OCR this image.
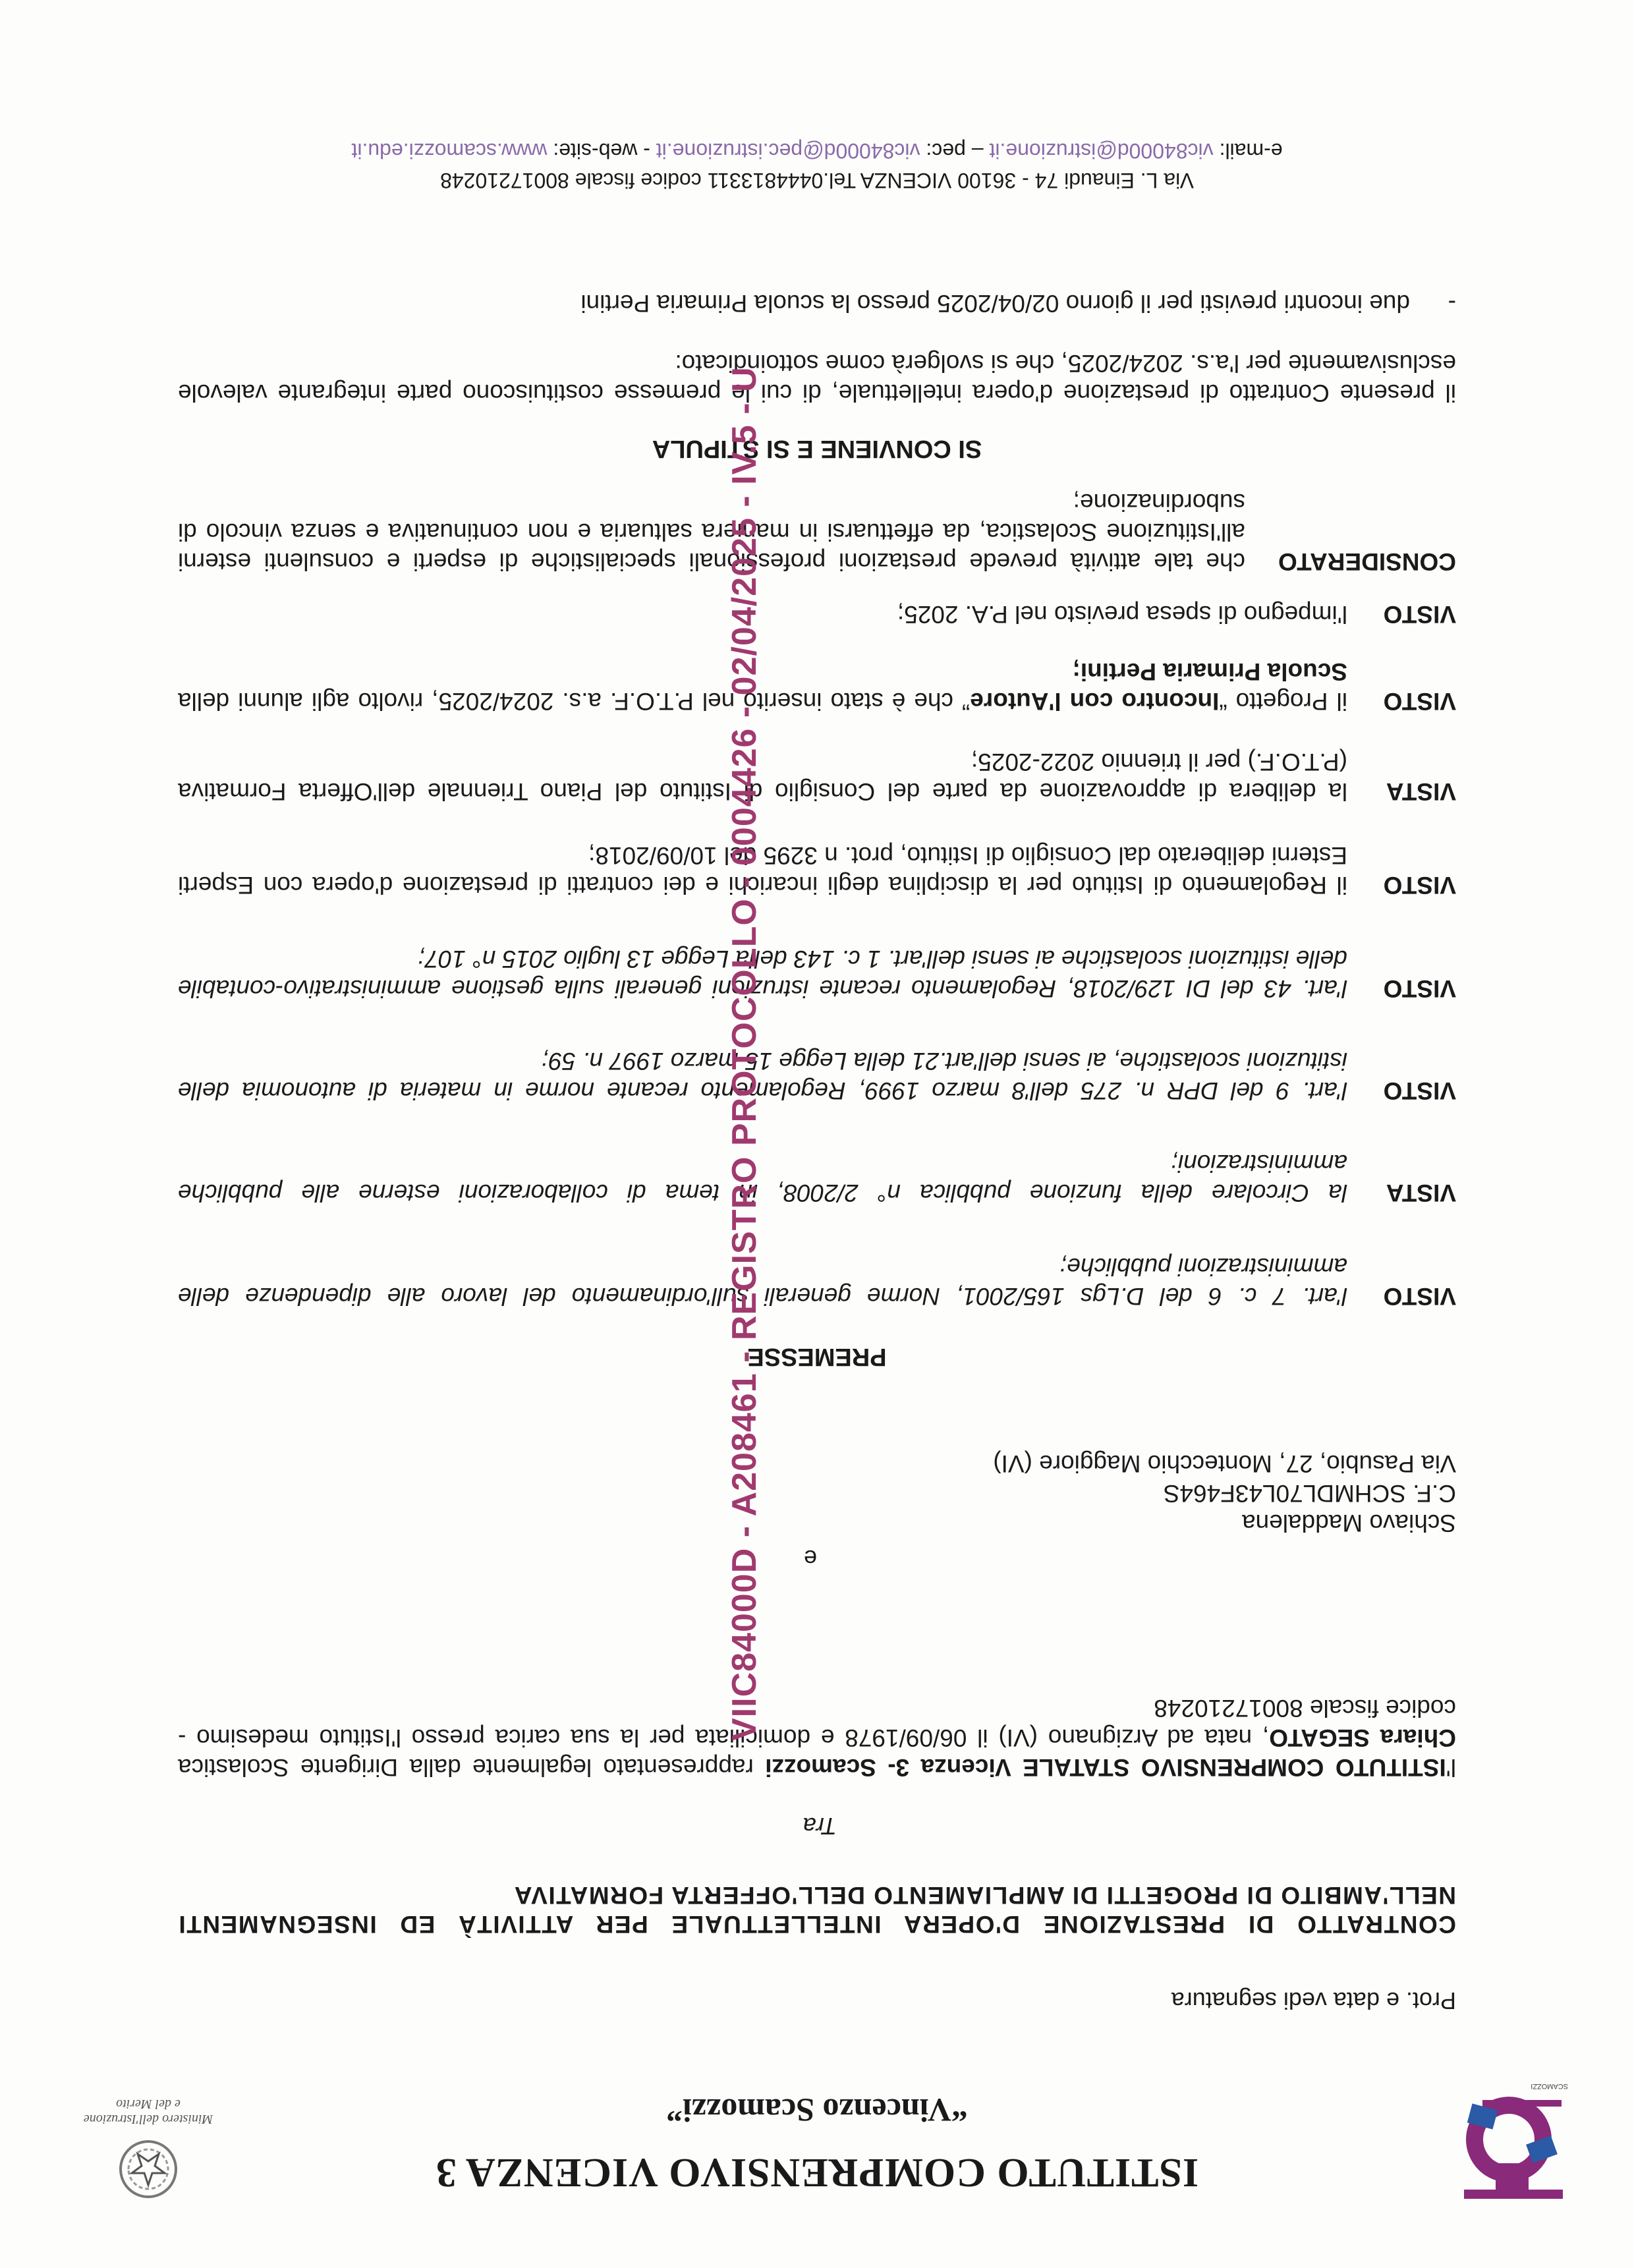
SCAMOZZI
ISTITUTO COMPRENSIVO VICENZA 3
“Vincenzo Scamozzi”
Ministero dell'Istruzione e del Merito
Prot. e data vedi segnatura
CONTRATTO DI PRESTAZIONE D'OPERA INTELLETTUALE PER ATTIVITÀ ED INSEGNAMENTI NELL'AMBITO DI PROGETTI DI AMPLIAMENTO DELL'OFFERTA FORMATIVA
Tra
l'ISTITUTO COMPRENSIVO STATALE Vicenza 3- Scamozzi rappresentato legalmente dalla Dirigente Scolastica Chiara SEGATO, nata ad Arzignano (VI) il 06/09/1978 e domiciliata per la sua carica presso l'Istituto medesimo - codice fiscale 80017210248
e
Schiavo Maddalena
C.F. SCHMDL70L43F464S
Via Pasubio, 27, Montecchio Maggiore (VI)
PREMESSE
VISTO
l'art. 7 c. 6 del D.Lgs 165/2001, Norme generali sull'ordinamento del lavoro alle dipendenze delle amministrazioni pubbliche;
VISTA
la Circolare della funzione pubblica n° 2/2008, in tema di collaborazioni esterne alle pubbliche amministrazioni;
VISTO
l'art. 9 del DPR n. 275 dell'8 marzo 1999, Regolamento recante norme in materia di autonomia delle istituzioni scolastiche, ai sensi dell'art.21 della Legge 15 marzo 1997 n. 59;
VISTO
l'art. 43 del DI 129/2018, Regolamento recante istruzioni generali sulla gestione amministrativo-contabile delle istituzioni scolastiche ai sensi dell'art. 1 c. 143 della Legge 13 luglio 2015 n° 107;
VISTO
il Regolamento di Istituto per la disciplina degli incarichi e dei contratti di prestazione d'opera con Esperti Esterni deliberato dal Consiglio di Istituto, prot. n 3295 del 10/09/2018;
VISTA
la delibera di approvazione da parte del Consiglio di Istituto del Piano Triennale dell'Offerta Formativa (P.T.O.F.) per il triennio 2022-2025;
VISTO
il Progetto “Incontro con l'Autore” che è stato inserito nel P.T.O.F. a.s. 2024/2025, rivolto agli alunni della Scuola Primaria Pertini;
VISTO
l'impegno di spesa previsto nel P.A. 2025;
CONSIDERATO
che tale attività prevede prestazioni professionali specialistiche di esperti e consulenti esterni all'Istituzione Scolastica, da effettuarsi in maniera saltuaria e non continuativa e senza vincolo di subordinazione;
SI CONVIENE E SI STIPULA
il presente Contratto di prestazione d'opera intellettuale, di cui le premesse costituiscono parte integrante valevole esclusivamente per l'a.s. 2024/2025, che si svolgerà come sottoindicato:
-due incontri previsti per il giorno 02/04/2025 presso la scuola Primaria Pertini
Via L. Einaudi 74 - 36100 VICENZA Tel.0444813311 codice fiscale 80017210248
e-mail: vic84000d@istruzione.it – pec: vic84000d@pec.istruzione.it - web-site: www.scamozzi.edu.it
VIIC84000D - A208461 - REGISTRO PROTOCOLLO - 0004426 - 02/04/2025 - IV.5 - U
